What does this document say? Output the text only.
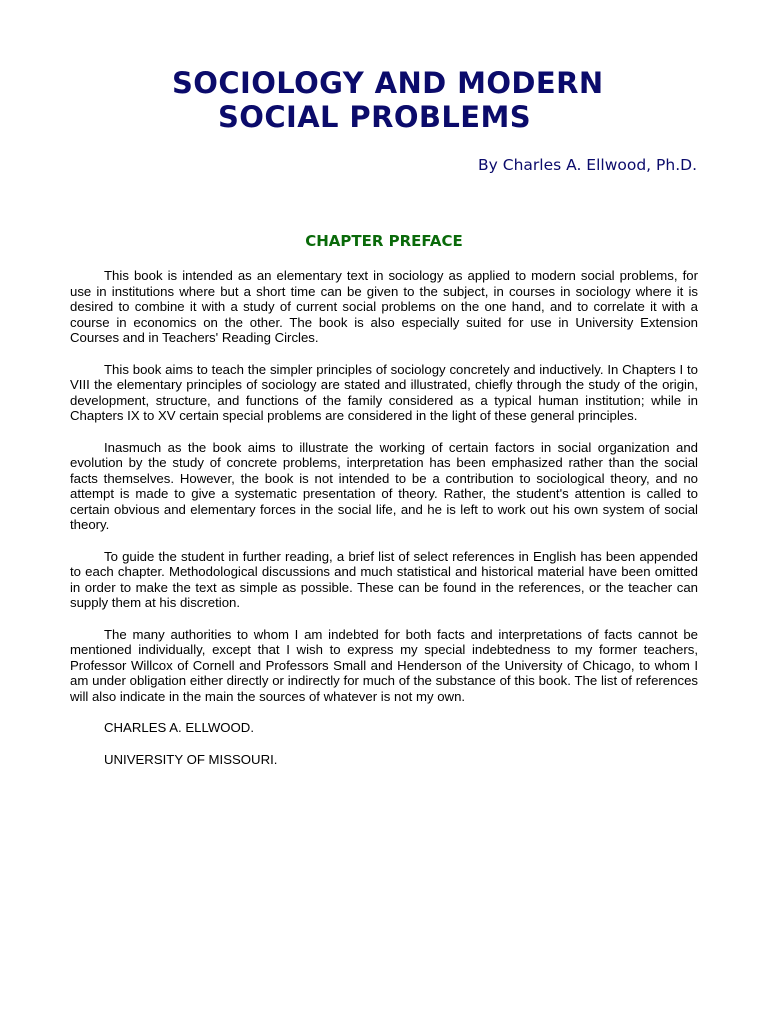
SOCIOLOGY AND MODERN
SOCIAL PROBLEMS
By Charles A. Ellwood, Ph.D.
CHAPTER PREFACE

This book is intended as an elementary text in sociology as applied to modern social problems, for use in institutions where but a short time can be given to the subject, in courses in sociology where it is desired to combine it with a study of current social problems on the one hand, and to correlate it with a course in economics on the other. The book is also especially suited for use in University Extension Courses and in Teachers' Reading Circles.

This book aims to teach the simpler principles of sociology concretely and inductively. In Chapters I to VIII the elementary principles of sociology are stated and illustrated, chiefly through the study of the origin, development, structure, and functions of the family considered as a typical human institution; while in Chapters IX to XV certain special problems are considered in the light of these general principles.

Inasmuch as the book aims to illustrate the working of certain factors in social organization and evolution by the study of concrete problems, interpretation has been emphasized rather than the social facts themselves. However, the book is not intended to be a contribution to sociological theory, and no attempt is made to give a systematic presentation of theory. Rather, the student's attention is called to certain obvious and elementary forces in the social life, and he is left to work out his own system of social theory.

To guide the student in further reading, a brief list of select references in English has been appended to each chapter. Methodological discussions and much statistical and historical material have been omitted in order to make the text as simple as possible. These can be found in the references, or the teacher can supply them at his discretion.

The many authorities to whom I am indebted for both facts and interpretations of facts cannot be mentioned individually, except that I wish to express my special indebtedness to my former teachers, Professor Willcox of Cornell and Professors Small and Henderson of the University of Chicago, to whom I am under obligation either directly or indirectly for much of the substance of this book. The list of references will also indicate in the main the sources of whatever is not my own.

CHARLES A. ELLWOOD.

UNIVERSITY OF MISSOURI.
